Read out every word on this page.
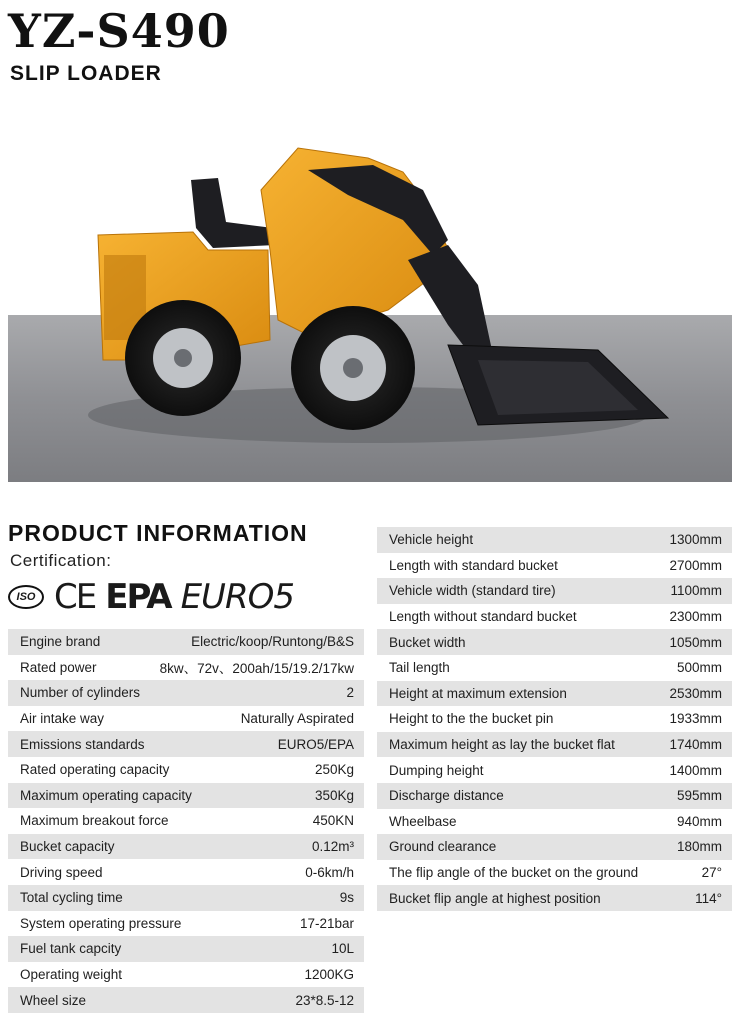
YZ-S490
SLIP LOADER
PRODUCT INFORMATION
Certification:
ISO CE EPA EURO5
Engine brand	Electric/koop/Runtong/B&S
Rated power	8kw、72v、200ah/15/19.2/17kw
Number of cylinders	2
Air intake way	Naturally Aspirated
Emissions standards	EURO5/EPA
Rated operating capacity	250Kg
Maximum operating capacity	350Kg
Maximum breakout force	450KN
Bucket capacity	0.12m³
Driving speed	0-6km/h
Total cycling time	9s
System operating pressure	17-21bar
Fuel tank capcity	10L
Operating weight	1200KG
Wheel size	23*8.5-12
Vehicle height	1300mm
Length with standard bucket	2700mm
Vehicle width (standard tire)	1100mm
Length without standard bucket	2300mm
Bucket width	1050mm
Tail length	500mm
Height at maximum extension	2530mm
Height to the the bucket pin	1933mm
Maximum height as lay the bucket flat	1740mm
Dumping height	1400mm
Discharge distance	595mm
Wheelbase	940mm
Ground clearance	180mm
The flip angle of the bucket on the ground	27°
Bucket flip angle at highest position	114°
